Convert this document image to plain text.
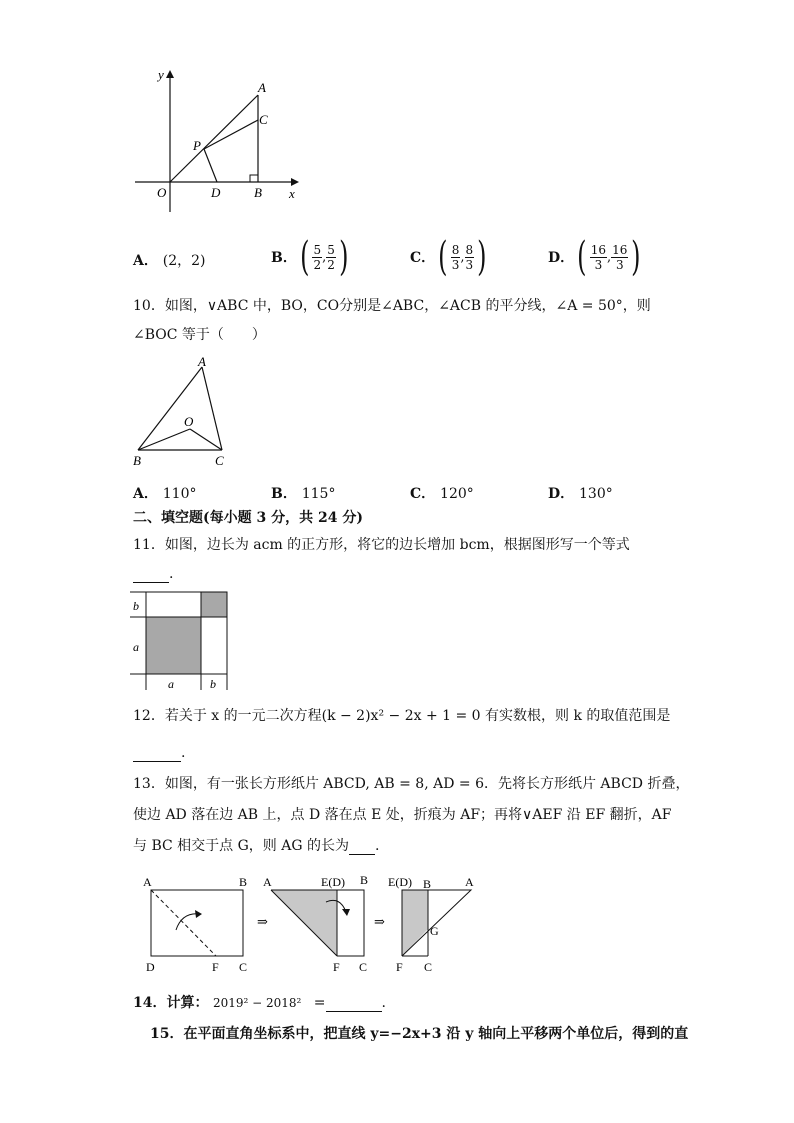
y
x
O	D	B
A
C
P
A． (2，2)	B． ( $\frac{5}{2}$ , $\frac{5}{2}$ )	C． ( $\frac{8}{3}$ , $\frac{8}{3}$ )	D． ( $\frac{16}{3}$ , $\frac{16}{3}$ )
10．如图，∨ABC 中，BO，CO分别是∠ABC，∠ACB 的平分线，∠A = 50°，则
∠BOC 等于（　　）
A
O
B	C
A． 110°	B． 115°	C． 120°	D． 130°
二、填空题(每小题 3 分，共 24 分)
11．如图，边长为 acm 的正方形，将它的边长增加 bcm，根据图形写一个等式
.
b
a
a	b
12．若关于 x 的一元二次方程(k − 2)x² − 2x + 1 = 0 有实数根，则 k 的取值范围是
.
13．如图，有一张长方形纸片 ABCD, AB = 8, AD = 6．先将长方形纸片 ABCD 折叠，
使边 AD 落在边 AB 上，点 D 落在点 E 处，折痕为 AF；再将∨AEF 沿 EF 翻折，AF
与 BC 相交于点 G，则 AG 的长为 .
A	B
D	F C
⇒
A	E(D) B
F C
⇒
E(D) B	A
G
F C
14．计算： 2019² − 2018² =	.
15．在平面直角坐标系中，把直线 y=−2x+3 沿 y 轴向上平移两个单位后，得到的直
